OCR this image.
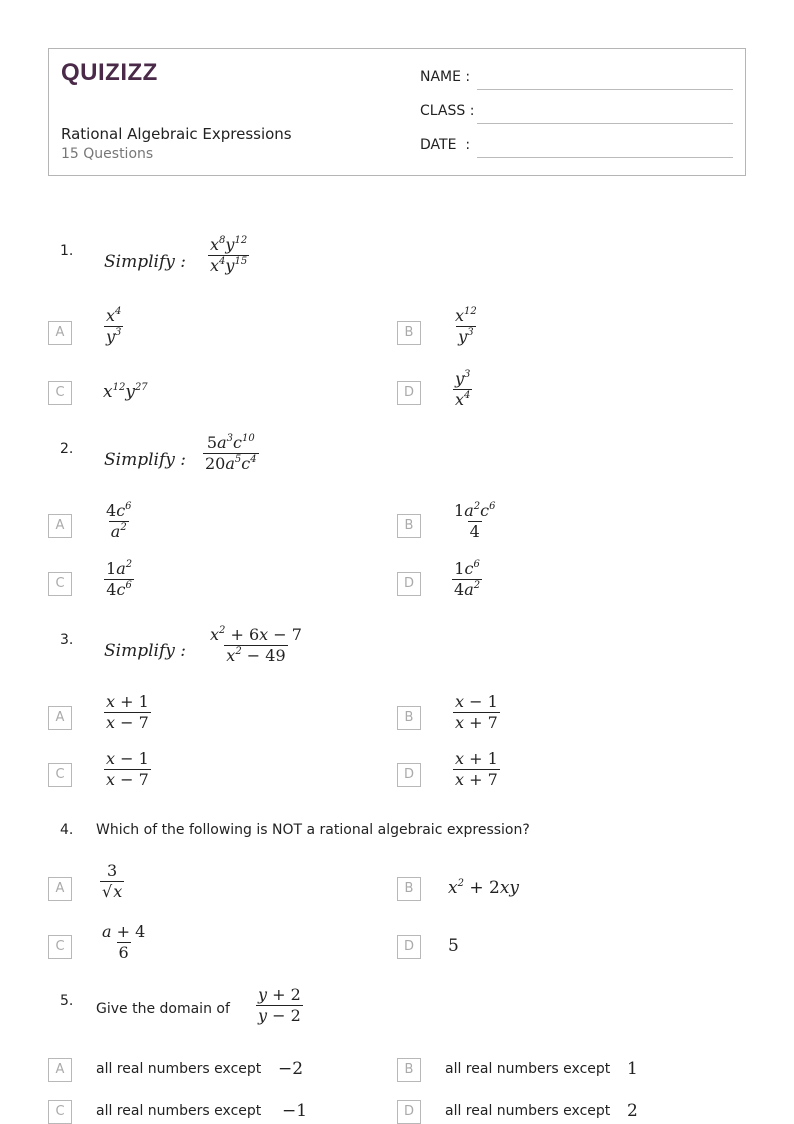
QUIZIZZ
Rational Algebraic Expressions
15 Questions
NAME :
CLASS :
DATE  :
1.
Simplify : $\frac{x^8y^{12}}{x^4y^{15}}$
A	$\frac{x^4}{y^3}$	B	$\frac{x^{12}}{y^3}$
C	$x^{12}y^{27}$	D	$\frac{y^3}{x^4}$
2.
Simplify : $\frac{5a^3c^{10}}{20a^5c^4}$
A	$\frac{4c^6}{a^2}$	B	$\frac{1a^2c^6}{4}$
C	$\frac{1a^2}{4c^6}$	D	$\frac{1c^6}{4a^2}$
3.
Simplify : $\frac{x^2 + 6x - 7}{x^2 - 49}$
A	$\frac{x + 1}{x - 7}$	B	$\frac{x - 1}{x + 7}$
C	$\frac{x - 1}{x - 7}$	D	$\frac{x + 1}{x + 7}$
4. Which of the following is NOT a rational algebraic expression?
A	$\frac{3}{√x}$	B	$x^2 + 2xy$
C	$\frac{a + 4}{6}$	D	5
5. Give the domain of $\frac{y + 2}{y - 2}$
A	all real numbers except −2	B	all real numbers except 1
C	all real numbers except −1	D	all real numbers except 2
